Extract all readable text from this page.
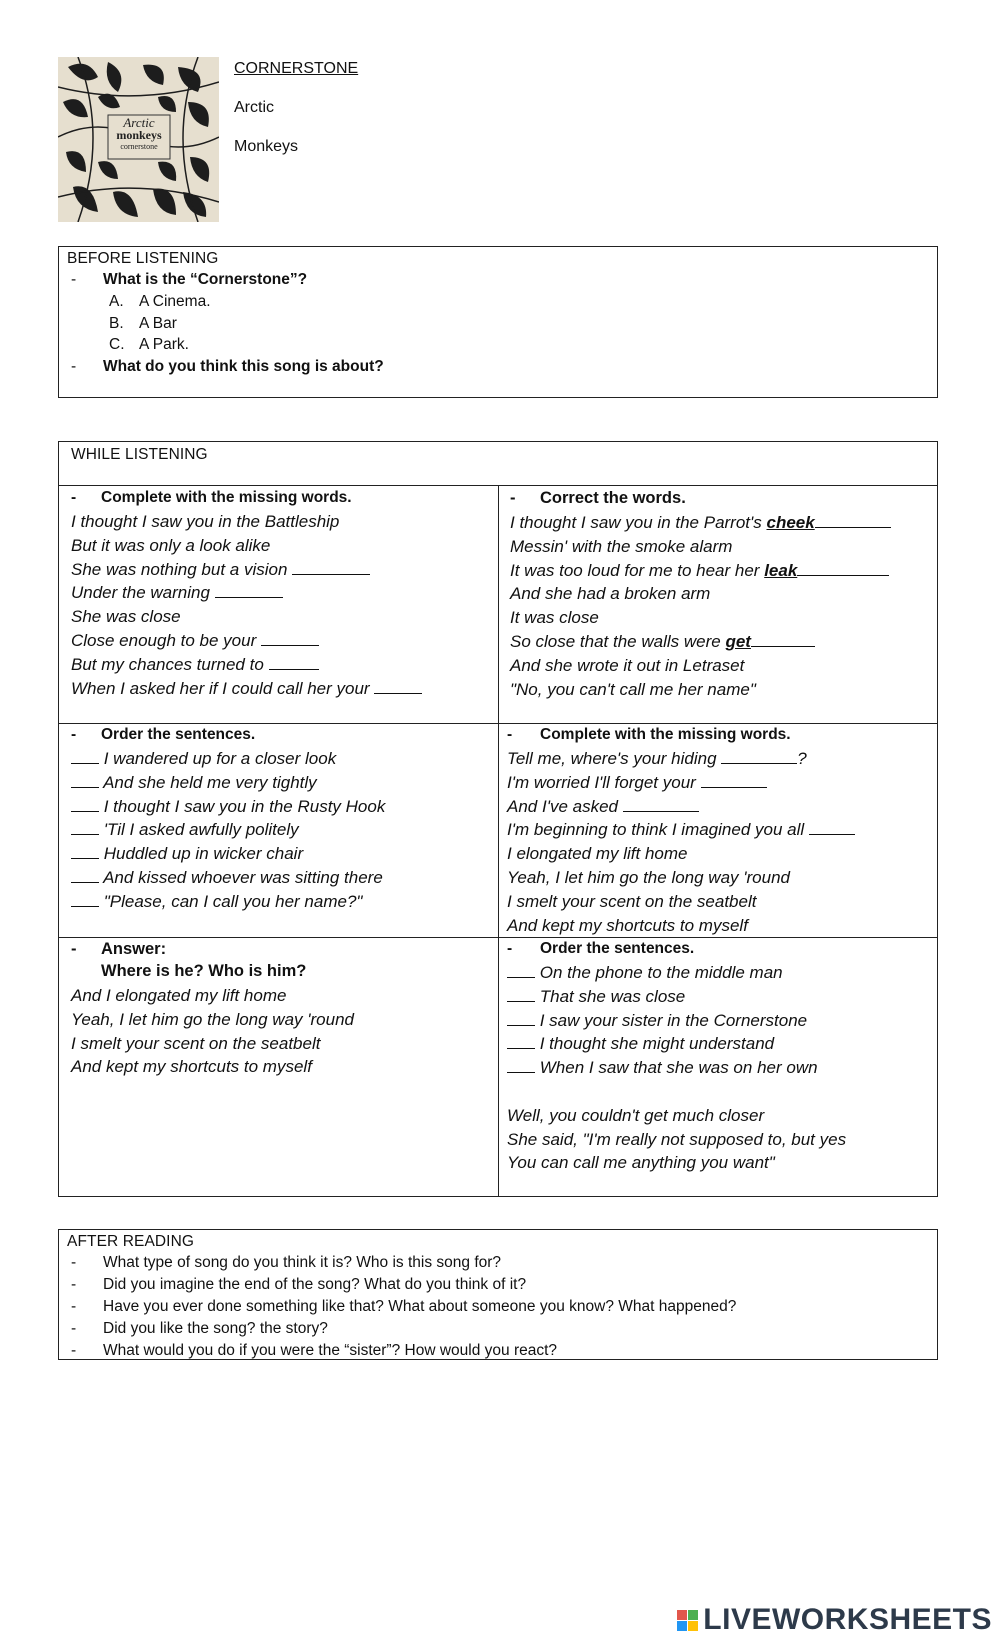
Arctic
monkeys
cornerstone
CORNERSTONE
Arctic
Monkeys
BEFORE LISTENING
- What is the “Cornerstone”?
A. A Cinema.
B. A Bar
C. A Park.
- What do you think this song is about?
WHILE LISTENING
- Complete with the missing words.
I thought I saw you in the Battleship
But it was only a look alike
She was nothing but a vision
Under the warning
She was close
Close enough to be your
But my chances turned to
When I asked her if I could call her your
- Correct the words.
I thought I saw you in the Parrot's cheek
Messin' with the smoke alarm
It was too loud for me to hear her leak
And she had a broken arm
It was close
So close that the walls were get
And she wrote it out in Letraset
"No, you can't call me her name"
- Order the sentences.
I wandered up for a closer look
And she held me very tightly
I thought I saw you in the Rusty Hook
'Til I asked awfully politely
Huddled up in wicker chair
And kissed whoever was sitting there
"Please, can I call you her name?"
- Complete with the missing words.
Tell me, where's your hiding	?
I'm worried I'll forget your
And I've asked
I'm beginning to think I imagined you all
I elongated my lift home
Yeah, I let him go the long way 'round
I smelt your scent on the seatbelt
And kept my shortcuts to myself
- Answer:
Where is he? Who is him?
And I elongated my lift home
Yeah, I let him go the long way 'round
I smelt your scent on the seatbelt
And kept my shortcuts to myself
- Order the sentences.
On the phone to the middle man
That she was close
I saw your sister in the Cornerstone
I thought she might understand
When I saw that she was on her own

Well, you couldn't get much closer
She said, "I'm really not supposed to, but yes
You can call me anything you want"
AFTER READING
- What type of song do you think it is? Who is this song for?
- Did you imagine the end of the song? What do you think of it?
- Have you ever done something like that? What about someone you know? What happened?
- Did you like the song? the story?
- What would you do if you were the “sister”? How would you react?
LIVEWORKSHEETS
